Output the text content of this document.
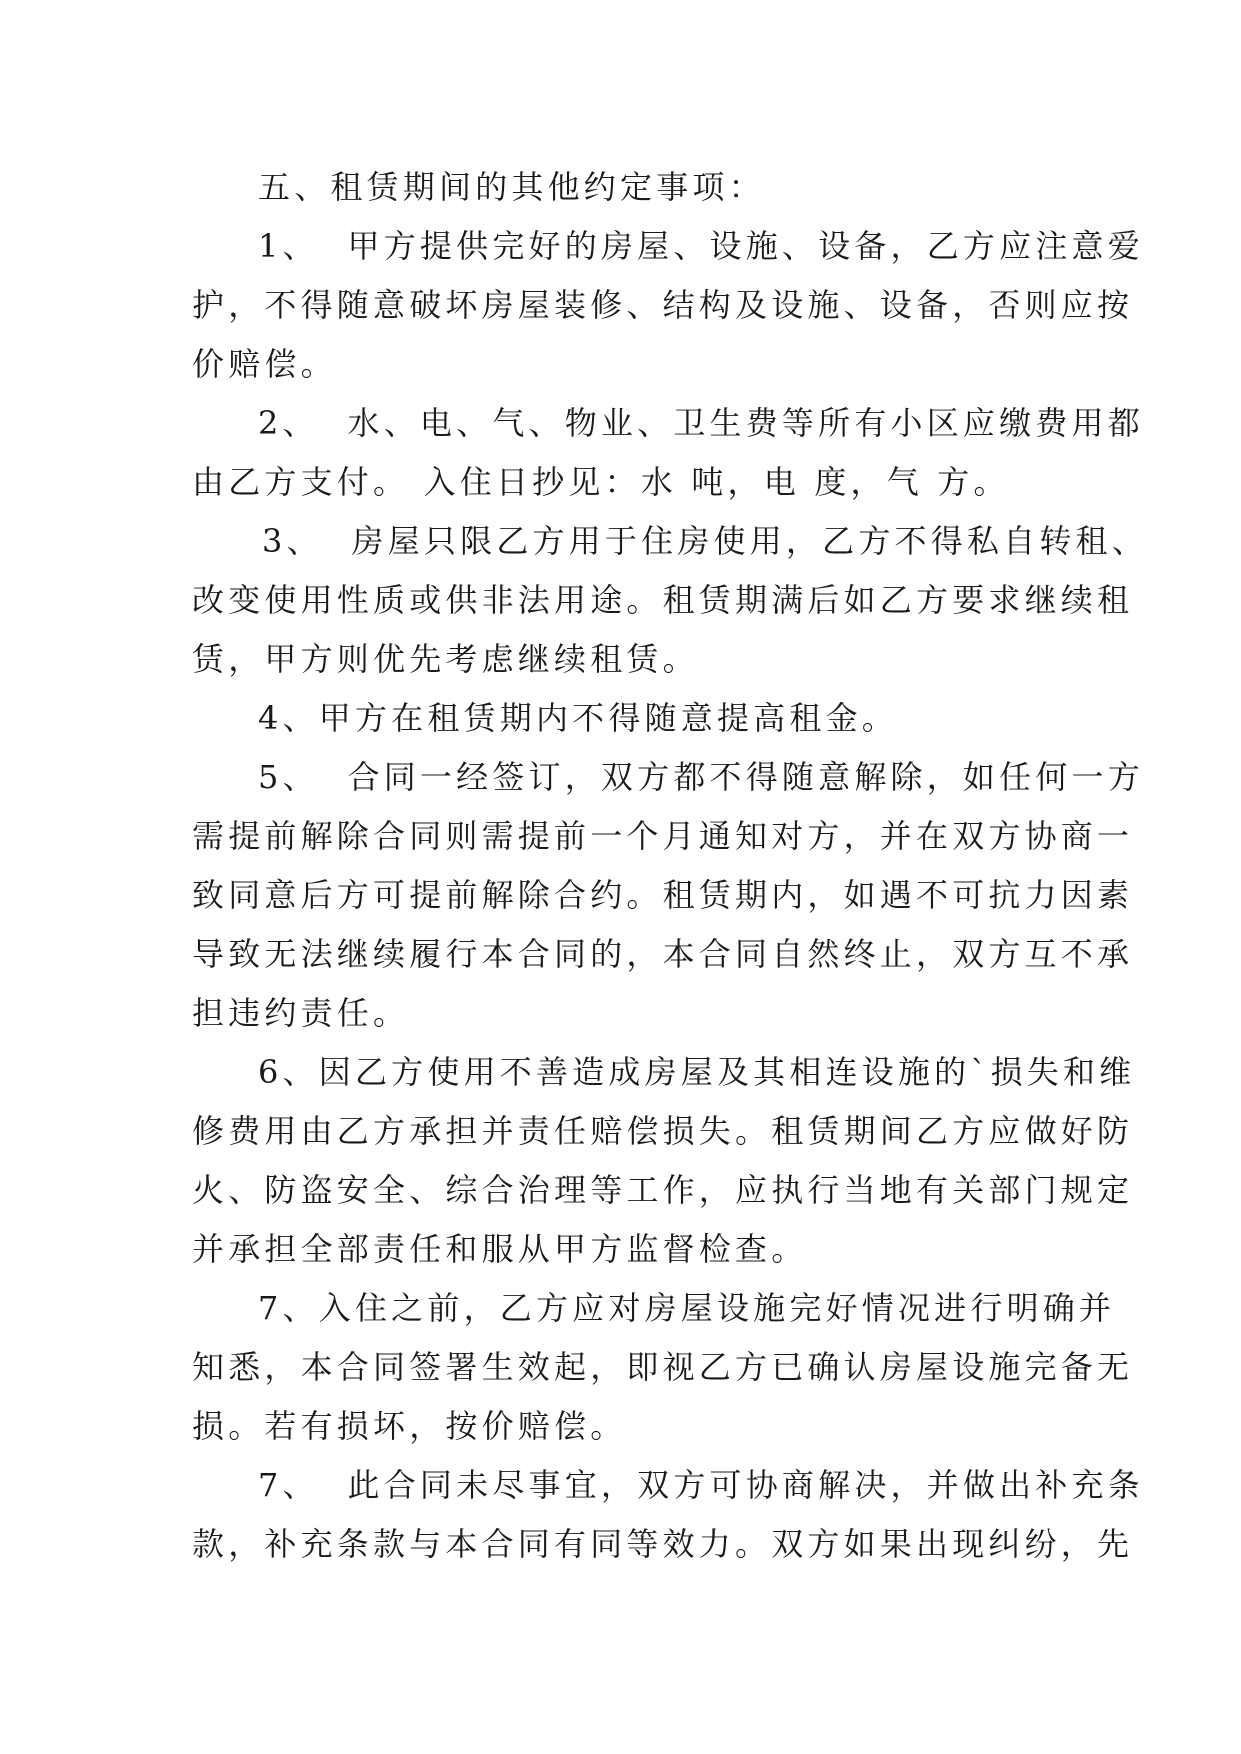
五、租赁期间的其他约定事项：
1、 甲方提供完好的房屋、设施、设备，乙方应注意爱
护，不得随意破坏房屋装修、结构及设施、设备，否则应按
价赔偿。
2、 水、电、气、物业、卫生费等所有小区应缴费用都
由乙方支付。 入住日抄见：水 吨，电 度，气 方。
3、 房屋只限乙方用于住房使用，乙方不得私自转租、
改变使用性质或供非法用途。租赁期满后如乙方要求继续租
赁，甲方则优先考虑继续租赁。
4、甲方在租赁期内不得随意提高租金。
5、 合同一经签订，双方都不得随意解除，如任何一方
需提前解除合同则需提前一个月通知对方，并在双方协商一
致同意后方可提前解除合约。租赁期内，如遇不可抗力因素
导致无法继续履行本合同的，本合同自然终止，双方互不承
担违约责任。
6、因乙方使用不善造成房屋及其相连设施的`损失和维
修费用由乙方承担并责任赔偿损失。租赁期间乙方应做好防
火、防盗安全、综合治理等工作，应执行当地有关部门规定
并承担全部责任和服从甲方监督检查。
7、入住之前，乙方应对房屋设施完好情况进行明确并
知悉，本合同签署生效起，即视乙方已确认房屋设施完备无
损。若有损坏，按价赔偿。
7、 此合同未尽事宜，双方可协商解决，并做出补充条
款，补充条款与本合同有同等效力。双方如果出现纠纷，先
